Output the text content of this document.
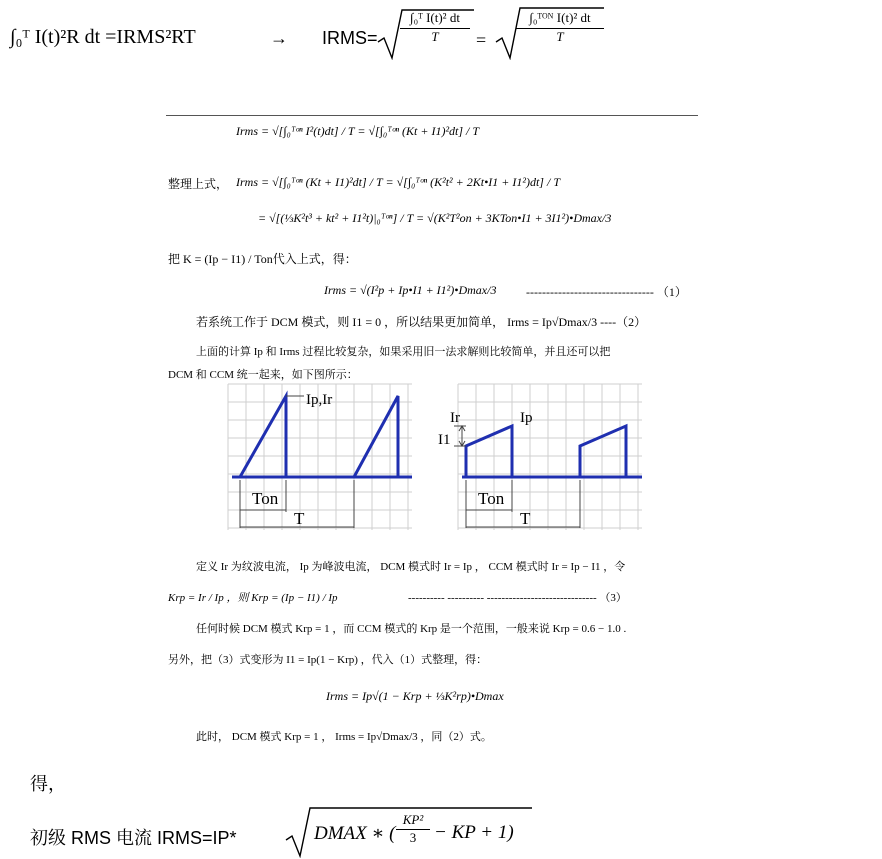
∫₀ᵀ I(t)²R dt =IRMS²RT	→ IRMS=
∫₀ᵀ I(t)² dt
T	=
∫₀ᵀᴼᴺ I(t)² dt
T
Irms = √[∫₀ᵀᵒⁿ I²(t)dt] / T = √[∫₀ᵀᵒⁿ (Kt + I1)²dt] / T
整理上式， Irms = √[∫₀ᵀᵒⁿ (Kt + I1)²dt] / T = √[∫₀ᵀᵒⁿ (K²t² + 2Kt•I1 + I1²)dt] / T
= √[(⅓K²t³ + kt² + I1²t)|₀ᵀᵒⁿ] / T = √(K²T²on + 3KTon•I1 + 3I1²)•Dmax/3
把 K = (Ip − I1) / Ton代入上式，得：
Irms = √(I²p + Ip•I1 + I1²)•Dmax/3 -------------------------------- （1）
若系统工作于 DCM 模式，则 I1 = 0 ，所以结果更加简单， Irms = Ip√Dmax/3 ----（2）
上面的计算 Ip 和 Irms 过程比较复杂，如果采用旧一法求解则比较简单，并且还可以把
DCM 和 CCM 统一起来，如下图所示：
Ip,Ir
Ton
T
Ir	Ip
I1
Ton
T
定义 Ir 为纹波电流， Ip 为峰波电流， DCM 模式时 Ir = Ip ， CCM 模式时 Ir = Ip − I1 ，令
Krp = Ir / Ip ，则 Krp = (Ip − I1) / Ip	---------- ---------- ------------------------------ （3）
任何时候 DCM 模式 Krp = 1 ，而 CCM 模式的 Krp 是一个范围，一般来说 Krp = 0.6 − 1.0 .
另外，把（3）式变形为 I1 = Ip(1 − Krp) ，代入（1）式整理，得：
Irms = Ip√(1 − Krp + ⅓K²rp)•Dmax
此时， DCM 模式 Krp = 1 ， Irms = Ip√Dmax/3 ，同（2）式。
得，
初级 RMS 电流 IRMS=IP*	DMAX ∗ (
KP²
3 − KP + 1)
